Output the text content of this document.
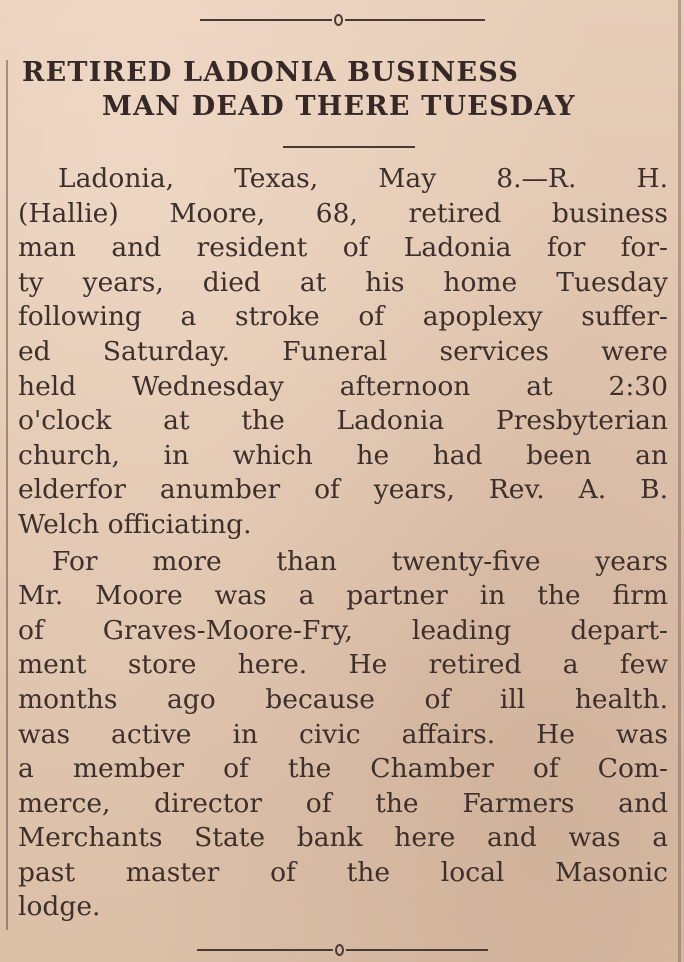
RETIRED LADONIA BUSINESS
MAN DEAD THERE TUESDAY

Ladonia, Texas, May 8.—R. H.
(Hallie) Moore, 68, retired business
man and resident of Ladonia for for-
ty years, died at his home Tuesday
following a stroke of apoplexy suffer-
ed Saturday. Funeral services were
held Wednesday afternoon at 2:30
o'clock at the Ladonia Presbyterian
church, in which he had been an
elderfor anumber of years, Rev. A. B.
Welch officiating.

For more than twenty-five years
Mr. Moore was a partner in the firm
of Graves-Moore-Fry, leading depart-
ment store here. He retired a few
months ago because of ill health.
was active in civic affairs. He was
a member of the Chamber of Com-
merce, director of the Farmers and
Merchants State bank here and was a
past master of the local Masonic
lodge.
